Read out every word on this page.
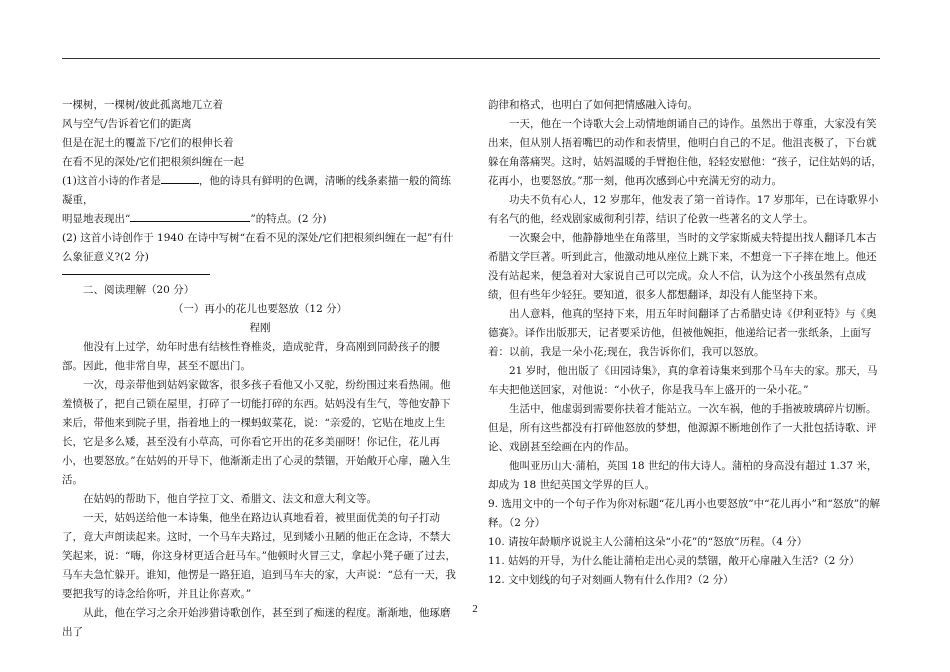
一棵树，一棵树/彼此孤离地兀立着

风与空气/告诉着它们的距离

但是在泥土的覆盖下/它们的根伸长着

在看不见的深处/它们把根须纠缠在一起

(1)这首小诗的作者是	，他的诗具有鲜明的色调，清晰的线条素描一般的简练凝重，

明显地表现出“	”的特点。(2 分)

(2) 这首小诗创作于 1940 在诗中写树“在看不见的深处/它们把根须纠缠在一起”有什么象征意义?(2 分)

二、阅读理解（20 分）

（一）再小的花儿也要怒放（12 分）

程刚

他没有上过学，幼年时患有结核性脊椎炎，造成驼背，身高刚到同龄孩子的腰部。因此，他非常自卑，甚至不愿出门。

一次，母亲带他到姑妈家做客，很多孩子看他又小又驼，纷纷围过来看热闹。他羞愤极了，把自己锁在屋里，打碎了一切能打碎的东西。姑妈没有生气，等他安静下来后，带他来到院子里，指着地上的一棵蚂蚁菜花，说：“亲爱的，它贴在地皮上生长，它是多么矮，甚至没有小草高，可你看它开出的花多美丽呀！你记住，花儿再小，也要怒放。”在姑妈的开导下，他渐渐走出了心灵的禁锢，开始敞开心扉，融入生活。

在姑妈的帮助下，他自学拉丁文、希腊文、法文和意大利文等。

一天，姑妈送给他一本诗集，他坐在路边认真地看着，被里面优美的句子打动了，竟大声朗读起来。这时，一个马车夫路过，见到矮小丑陋的他正在念诗，不禁大笑起来，说：“嗨，你这身材更适合赶马车。”他顿时火冒三丈，拿起小凳子砸了过去，马车夫急忙躲开。谁知，他愣是一路狂追，追到马车夫的家，大声说：“总有一天，我要把我写的诗念给你听，并且让你喜欢。”

从此，他在学习之余开始涉猎诗歌创作，甚至到了痴迷的程度。渐渐地，他琢磨出了

韵律和格式，也明白了如何把情感融入诗句。

一天，他在一个诗歌大会上动情地朗诵自己的诗作。虽然出于尊重，大家没有笑出来，但从别人捂着嘴巴的动作和表情里，他明白自己的不足。他沮丧极了，下台就躲在角落痛哭。这时，姑妈温暖的手臂抱住他，轻轻安慰他：“孩子，记住姑妈的话，花再小，也要怒放。”那一刻，他再次感到心中充满无穷的动力。

功夫不负有心人，12 岁那年，他发表了第一首诗作。17 岁那年，已在诗歌界小有名气的他，经戏剧家威彻利引荐，结识了伦敦一些著名的文人学士。

一次聚会中，他静静地坐在角落里，当时的文学家斯威夫特提出找人翻译几本古希腊文学巨著。听到此言，他激动地从座位上跳下来，不想竟一下子摔在地上。他还没有站起来，便急着对大家说自己可以完成。众人不信，认为这个小孩虽然有点成绩，但有些年少轻狂。要知道，很多人都想翻译，却没有人能坚持下来。

出人意料，他真的坚持下来，用五年时间翻译了古希腊史诗《伊利亚特》与《奥德赛》。译作出版那天，记者要采访他，但被他婉拒，他递给记者一张纸条，上面写着：以前，我是一朵小花;现在，我告诉你们，我可以怒放。

21 岁时，他出版了《田园诗集》，真的拿着诗集来到那个马车夫的家。那天，马车夫把他送回家，对他说：“小伙子，你是我马车上盛开的一朵小花。”

生活中，他虚弱到需要你扶着才能站立。一次车祸，他的手指被玻璃碎片切断。但是，所有这些都没有打碎他怒放的梦想，他源源不断地创作了一大批包括诗歌、评论、戏剧甚至绘画在内的作品。

他叫亚历山大·蒲柏，英国 18 世纪的伟大诗人。蒲柏的身高没有超过 1.37 米，却成为 18 世纪英国文学界的巨人。

9. 选用文中的一个句子作为你对标题“花儿再小也要怒放”中“花儿再小”和“怒放”的解释。（2 分）

10. 请按年龄顺序说说主人公蒲柏这朵“小花”的“怒放”历程。（4 分）

11. 姑妈的开导，为什么能让蒲柏走出心灵的禁锢，敞开心扉融入生活?（2 分）

12. 文中划线的句子对刻画人物有什么作用?（2 分）

2
